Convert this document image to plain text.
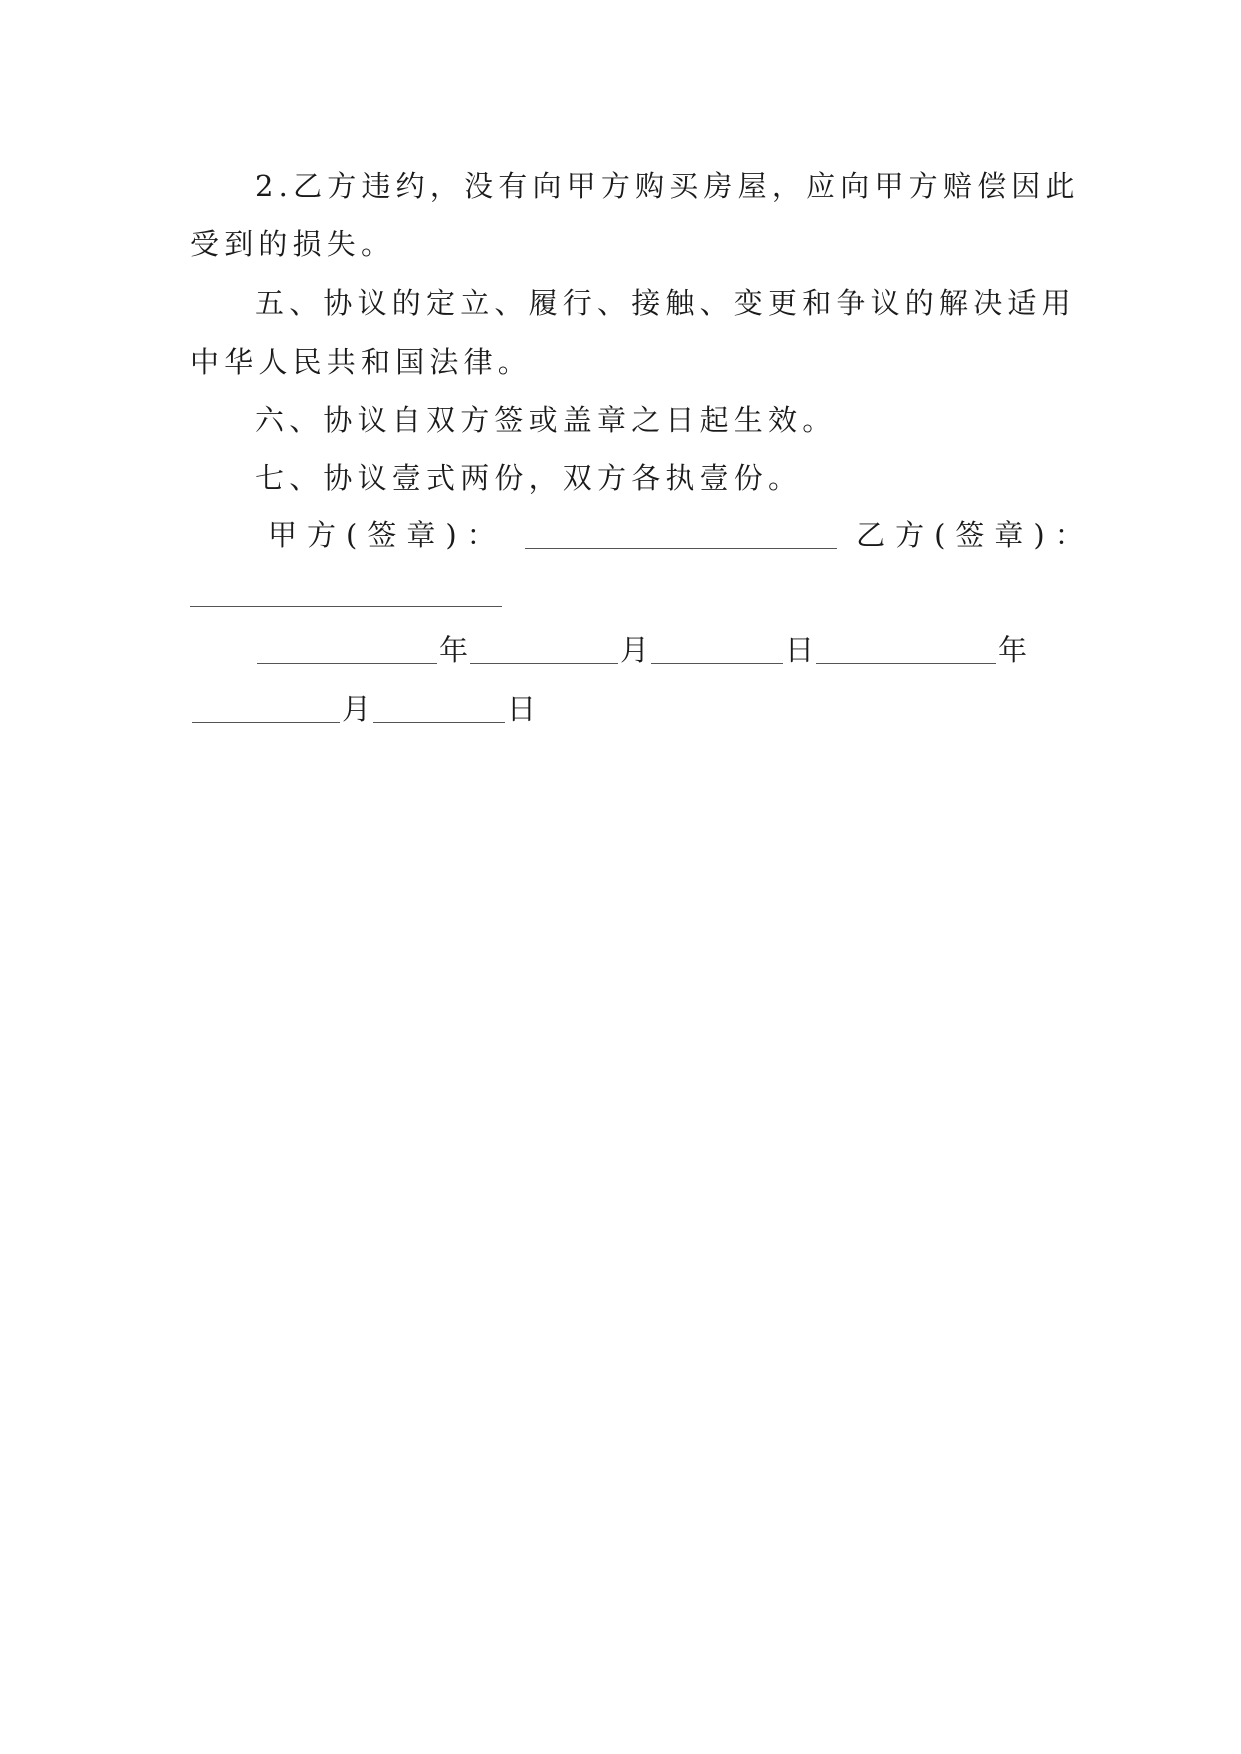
2.乙方违约，没有向甲方购买房屋，应向甲方赔偿因此
受到的损失。
五、协议的定立、履行、接触、变更和争议的解决适用
中华人民共和国法律。
六、协议自双方签或盖章之日起生效。
七、协议壹式两份，双方各执壹份。
甲方(签章)：	乙方(签章)：
年	月	日	年
月	日
